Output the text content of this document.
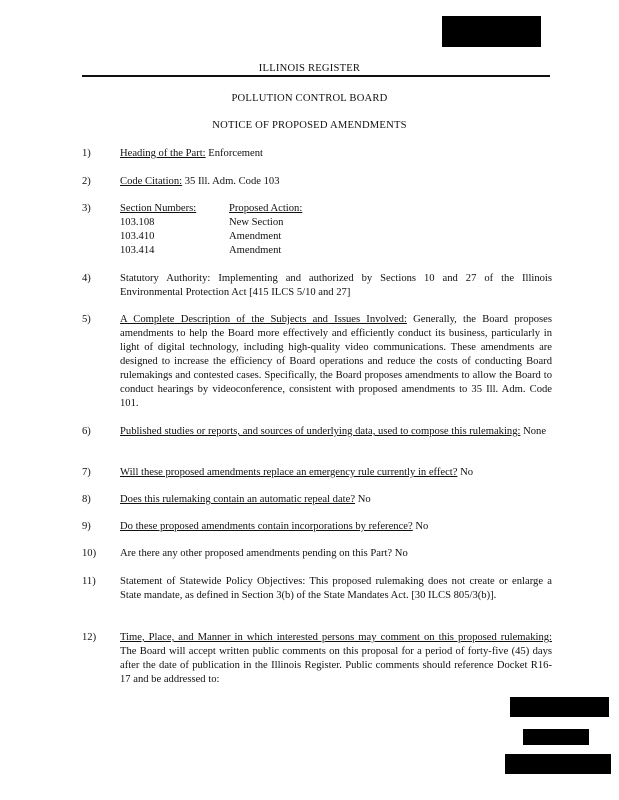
ILLINOIS REGISTER
POLLUTION CONTROL BOARD
NOTICE OF PROPOSED AMENDMENTS
1)	Heading of the Part: Enforcement
2)	Code Citation: 35 Ill. Adm. Code 103
3)	Section Numbers:	Proposed Action:
103.108	New Section
103.410	Amendment
103.414	Amendment
4)	Statutory Authority: Implementing and authorized by Sections 10 and 27 of the Illinois Environmental Protection Act [415 ILCS 5/10 and 27]
5)	A Complete Description of the Subjects and Issues Involved: Generally, the Board proposes amendments to help the Board more effectively and efficiently conduct its business, particularly in light of digital technology, including high-quality video communications. These amendments are designed to increase the efficiency of Board operations and reduce the costs of conducting Board rulemakings and contested cases. Specifically, the Board proposes amendments to allow the Board to conduct hearings by videoconference, consistent with proposed amendments to 35 Ill. Adm. Code 101.
6)	Published studies or reports, and sources of underlying data, used to compose this rulemaking: None
7)	Will these proposed amendments replace an emergency rule currently in effect? No
8)	Does this rulemaking contain an automatic repeal date? No
9)	Do these proposed amendments contain incorporations by reference? No
10)	Are there any other proposed amendments pending on this Part? No
11)	Statement of Statewide Policy Objectives: This proposed rulemaking does not create or enlarge a State mandate, as defined in Section 3(b) of the State Mandates Act. [30 ILCS 805/3(b)].
12)	Time, Place, and Manner in which interested persons may comment on this proposed rulemaking: The Board will accept written public comments on this proposal for a period of forty-five (45) days after the date of publication in the Illinois Register. Public comments should reference Docket R16-17 and be addressed to:
